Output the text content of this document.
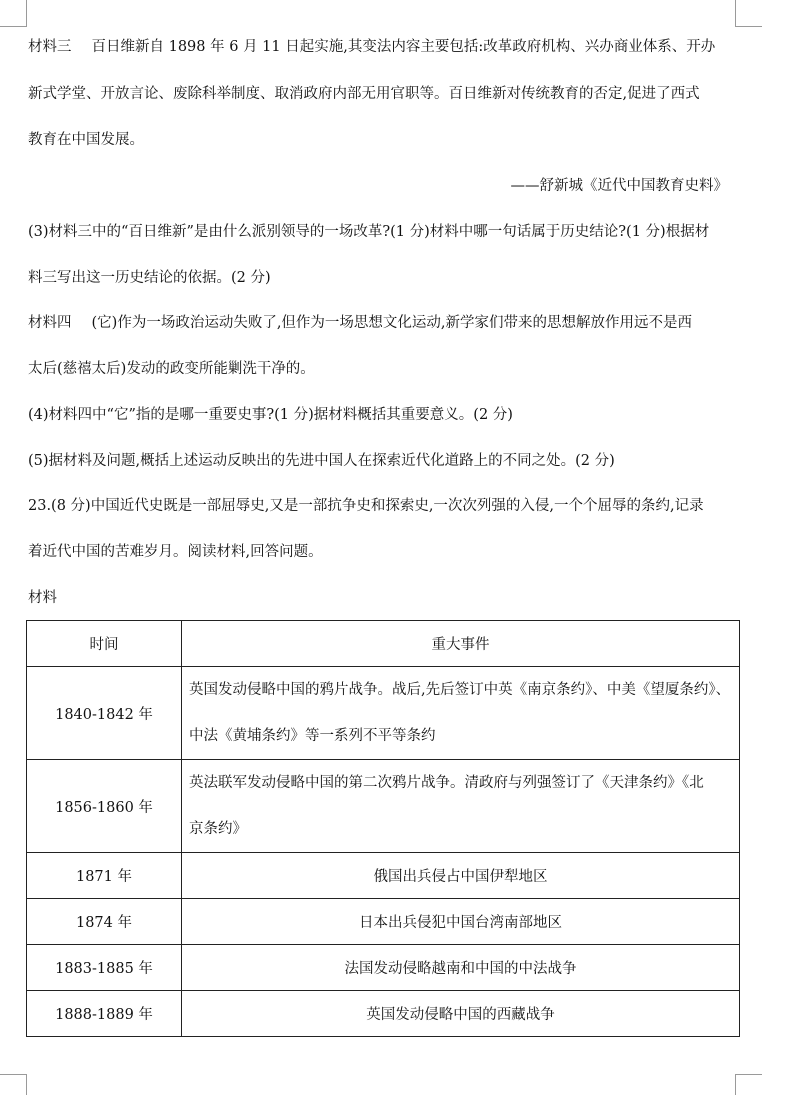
材料三 百日维新自 1898 年 6 月 11 日起实施,其变法内容主要包括:改革政府机构、兴办商业体系、开办
新式学堂、开放言论、废除科举制度、取消政府内部无用官职等。百日维新对传统教育的否定,促进了西式
教育在中国发展。
——舒新城《近代中国教育史料》
(3)材料三中的“百日维新”是由什么派别领导的一场改革?(1 分)材料中哪一句话属于历史结论?(1 分)根据材
料三写出这一历史结论的依据。(2 分)
材料四 (它)作为一场政治运动失败了,但作为一场思想文化运动,新学家们带来的思想解放作用远不是西
太后(慈禧太后)发动的政变所能剿洗干净的。
(4)材料四中“它”指的是哪一重要史事?(1 分)据材料概括其重要意义。(2 分)
(5)据材料及问题,概括上述运动反映出的先进中国人在探索近代化道路上的不同之处。(2 分)
23.(8 分)中国近代史既是一部屈辱史,又是一部抗争史和探索史,一次次列强的入侵,一个个屈辱的条约,记录
着近代中国的苦难岁月。阅读材料,回答问题。
材料
时间	重大事件
1840-1842 年	英国发动侵略中国的鸦片战争。战后,先后签订中英《南京条约》、中美《望厦条约》、
中法《黄埔条约》等一系列不平等条约

1856-1860 年	英法联军发动侵略中国的第二次鸦片战争。清政府与列强签订了《天津条约》《北
京条约》

1871 年	俄国出兵侵占中国伊犁地区
1874 年	日本出兵侵犯中国台湾南部地区
1883-1885 年	法国发动侵略越南和中国的中法战争
1888-1889 年	英国发动侵略中国的西藏战争
